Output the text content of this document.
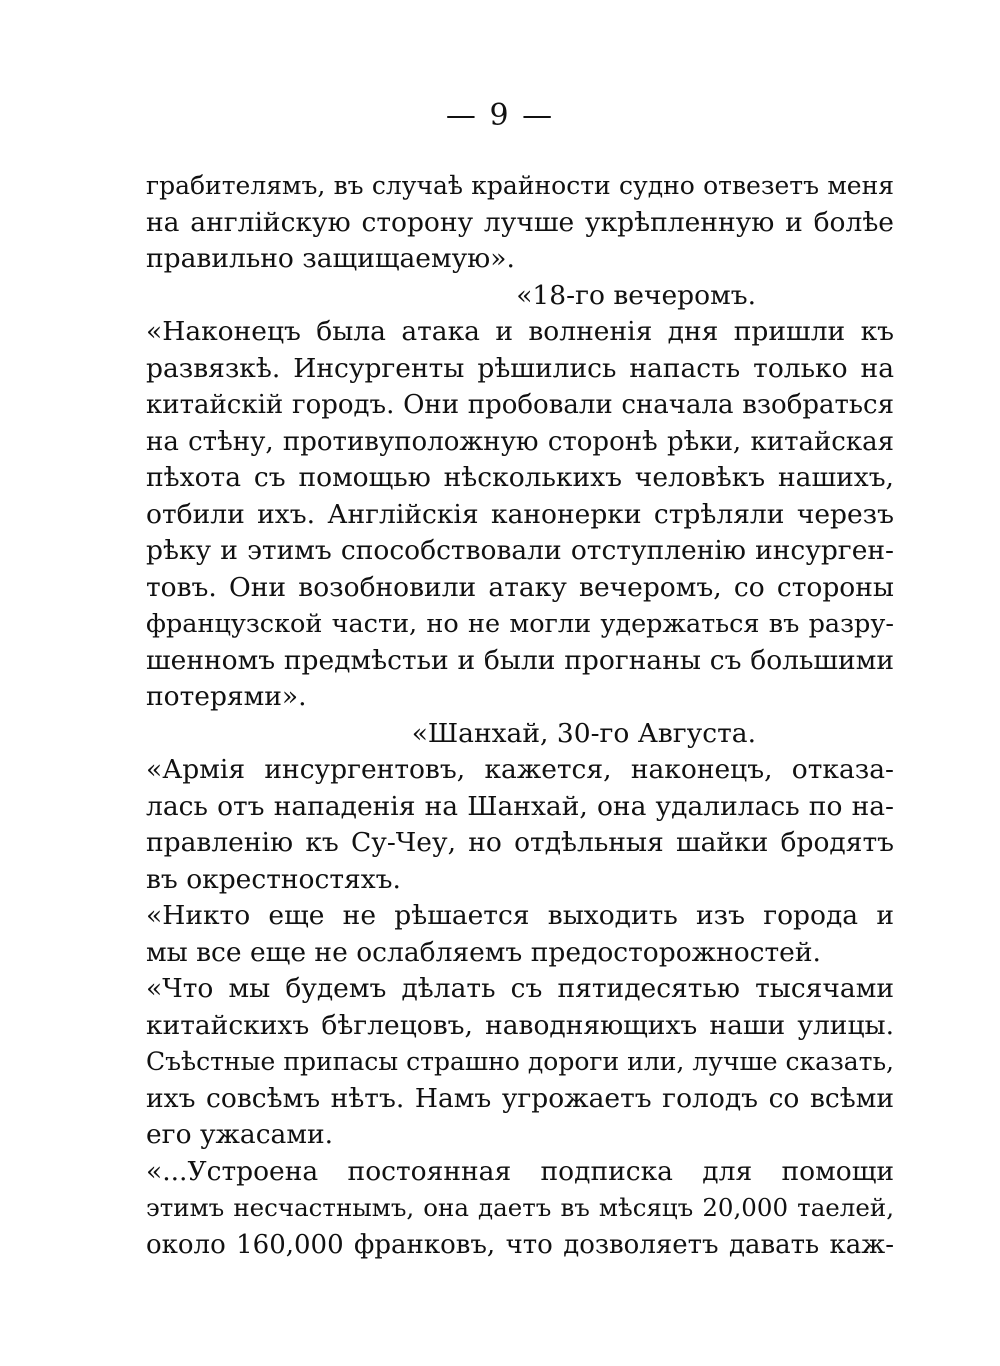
— 9 —
грабителямъ, въ случаѣ крайности судно отвезетъ меня
на англійскую сторону лучше укрѣпленную и болѣе
правильно защищаемую».
«18-го вечеромъ.
«Наконецъ была атака и волненія дня пришли къ
развязкѣ. Инсургенты рѣшились напасть только на
китайскій городъ. Они пробовали сначала взобраться
на стѣну, противуположную сторонѣ рѣки, китайская
пѣхота съ помощью нѣсколькихъ человѣкъ нашихъ,
отбили ихъ. Англійскія канонерки стрѣляли черезъ
рѣку и этимъ способствовали отступленію инсурген-
товъ. Они возобновили атаку вечеромъ, со стороны
французской части, но не могли удержаться въ разру-
шенномъ предмѣстьи и были прогнаны съ большими
потерями».
«Шанхай, 30-го Августа.
«Армія инсургентовъ, кажется, наконецъ, отказа-
лась отъ нападенія на Шанхай, она удалилась по на-
правленію къ Су-Чеу, но отдѣльныя шайки бродятъ
въ окрестностяхъ.
«Никто еще не рѣшается выходить изъ города и
мы все еще не ослабляемъ предосторожностей.
«Что мы будемъ дѣлать съ пятидесятью тысячами
китайскихъ бѣглецовъ, наводняющихъ наши улицы.
Съѣстные припасы страшно дороги или, лучше сказать,
ихъ совсѣмъ нѣтъ. Намъ угрожаетъ голодъ со всѣми
его ужасами.
«...Устроена постоянная подписка для помощи
этимъ несчастнымъ, она даетъ въ мѣсяцъ 20,000 таелей,
около 160,000 франковъ, что дозволяетъ давать каж-
